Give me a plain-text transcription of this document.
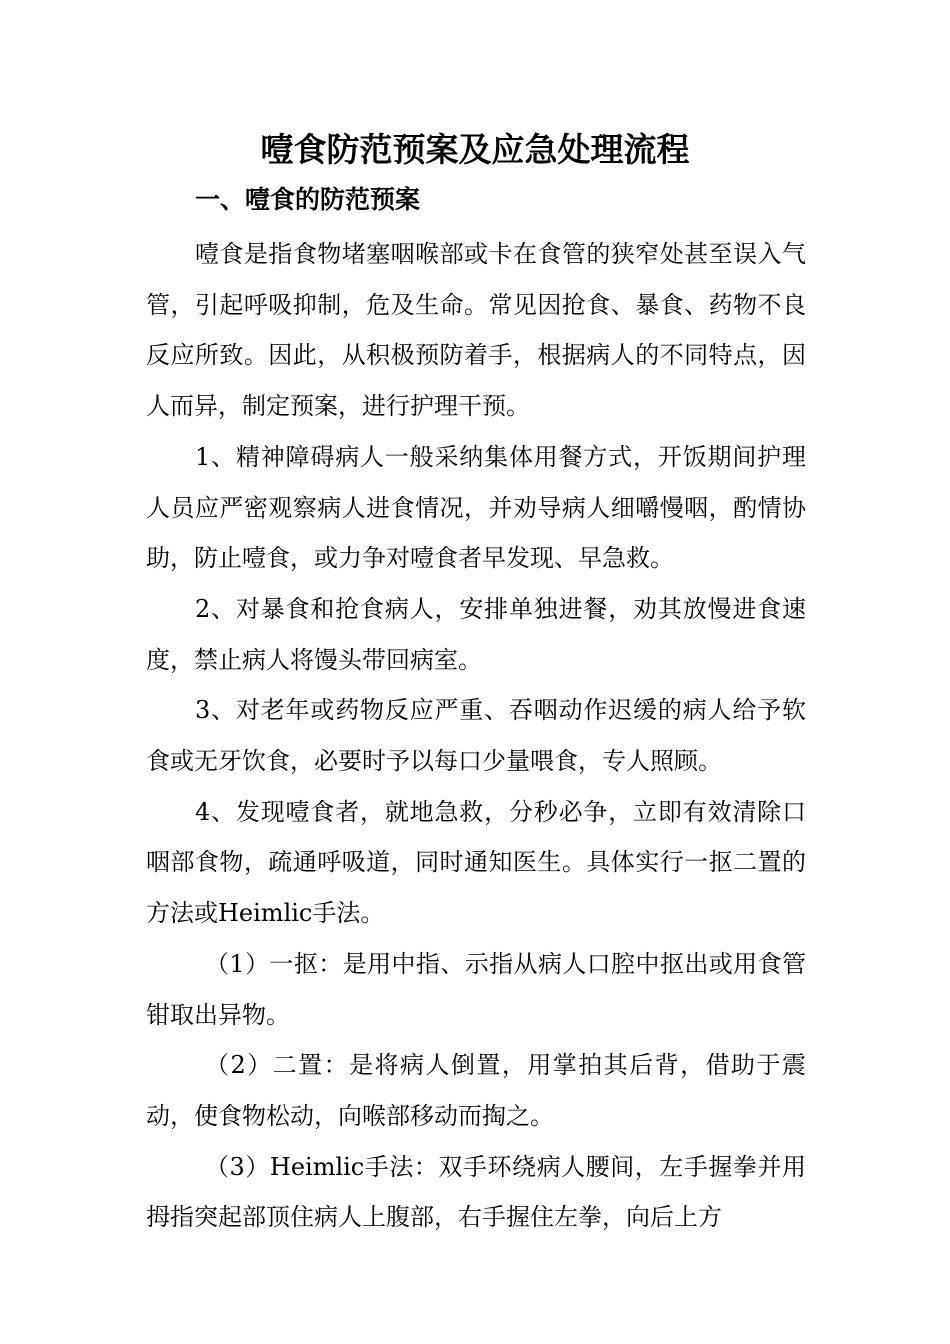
噎食防范预案及应急处理流程
一、噎食的防范预案

噎食是指食物堵塞咽喉部或卡在食管的狭窄处甚至误入气管，引起呼吸抑制，危及生命。常见因抢食、暴食、药物不良反应所致。因此，从积极预防着手，根据病人的不同特点，因人而异，制定预案，进行护理干预。

1、精神障碍病人一般采纳集体用餐方式，开饭期间护理人员应严密观察病人进食情况，并劝导病人细嚼慢咽，酌情协助，防止噎食，或力争对噎食者早发现、早急救。

2、对暴食和抢食病人，安排单独进餐，劝其放慢进食速度，禁止病人将馒头带回病室。

3、对老年或药物反应严重、吞咽动作迟缓的病人给予软食或无牙饮食，必要时予以每口少量喂食，专人照顾。

4、发现噎食者，就地急救，分秒必争，立即有效清除口咽部食物，疏通呼吸道，同时通知医生。具体实行一抠二置的方法或Heimlic手法。

（1）一抠：是用中指、示指从病人口腔中抠出或用食管钳取出异物。

（2）二置：是将病人倒置，用掌拍其后背，借助于震动，使食物松动，向喉部移动而掏之。

（3）Heimlic手法：双手环绕病人腰间，左手握拳并用拇指突起部顶住病人上腹部，右手握住左拳，向后上方
